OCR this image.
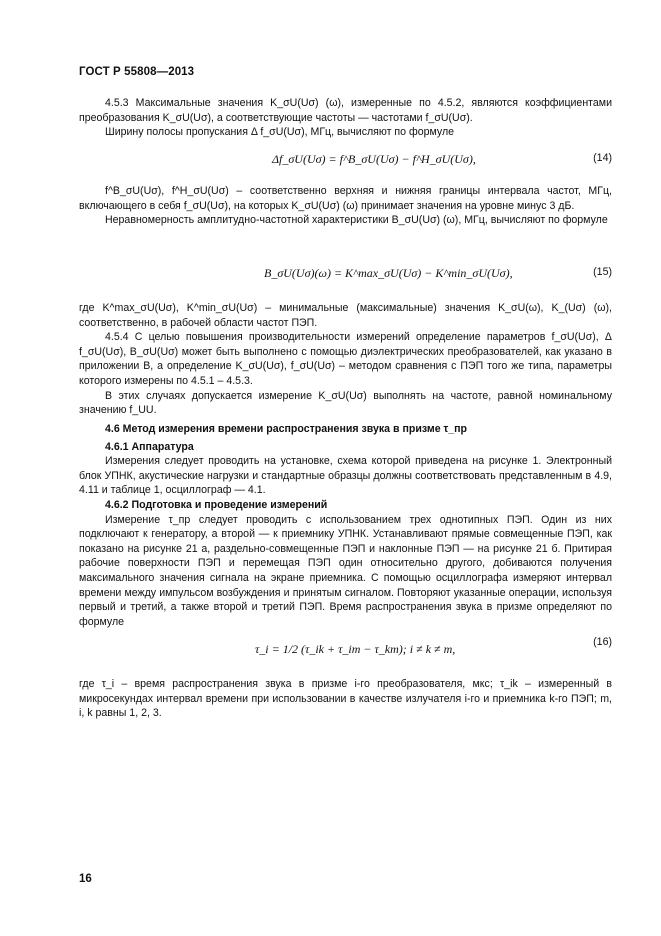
ГОСТ Р 55808—2013

4.5.3 Максимальные значения K_σU(Uσ) (ω), измеренные по 4.5.2, являются коэффициентами преобразования K_σU(Uσ), а соответствующие частоты — частотами f_σU(Uσ).

Ширину полосы пропускания Δ f_σU(Uσ), МГц, вычисляют по формуле

Δf_σU(Uσ) = f^B_σU(Uσ) − f^H_σU(Uσ),	(14)

f^B_σU(Uσ), f^H_σU(Uσ) – соответственно верхняя и нижняя границы интервала частот, МГц, включающего в себя f_σU(Uσ), на которых K_σU(Uσ) (ω) принимает значения на уровне минус 3 дБ.

Неравномерность амплитудно-частотной характеристики B_σU(Uσ) (ω), МГц, вычисляют по формуле

B_σU(Uσ)(ω) = K^max_σU(Uσ) − K^min_σU(Uσ),	(15)

где K^max_σU(Uσ), K^min_σU(Uσ) – минимальные (максимальные) значения K_σU(ω), K_(Uσ) (ω), соответственно, в рабочей области частот ПЭП.

4.5.4 С целью повышения производительности измерений определение параметров f_σU(Uσ), Δ f_σU(Uσ), B_σU(Uσ) может быть выполнено с помощью диэлектрических преобразователей, как указано в приложении В, а определение K_σU(Uσ), f_σU(Uσ) – методом сравнения с ПЭП того же типа, параметры которого измерены по 4.5.1 – 4.5.3.

В этих случаях допускается измерение K_σU(Uσ) выполнять на частоте, равной номинальному значению f_UU.

4.6 Метод измерения времени распространения звука в призме τ_пр

4.6.1 Аппаратура

Измерения следует проводить на установке, схема которой приведена на рисунке 1. Электронный блок УПНК, акустические нагрузки и стандартные образцы должны соответствовать представленным в 4.9, 4.11 и таблице 1, осциллограф — 4.1.

4.6.2 Подготовка и проведение измерений

Измерение τ_пр следует проводить с использованием трех однотипных ПЭП. Один из них подключают к генератору, а второй — к приемнику УПНК. Устанавливают прямые совмещенные ПЭП, как показано на рисунке 21 а, раздельно-совмещенные ПЭП и наклонные ПЭП — на рисунке 21 б. Притирая рабочие поверхности ПЭП и перемещая ПЭП один относительно другого, добиваются получения максимального значения сигнала на экране приемника. С помощью осциллографа измеряют интервал времени между импульсом возбуждения и принятым сигналом. Повторяют указанные операции, используя первый и третий, а также второй и третий ПЭП. Время распространения звука в призме определяют по формуле

τ_i = 1/2 (τ_ik + τ_im − τ_km); i ≠ k ≠ m,	(16)

где τ_i – время распространения звука в призме i-го преобразователя, мкс; τ_ik – измеренный в микросекундах интервал времени при использовании в качестве излучателя i-го и приемника k-го ПЭП; m, i, k равны 1, 2, 3.

16
